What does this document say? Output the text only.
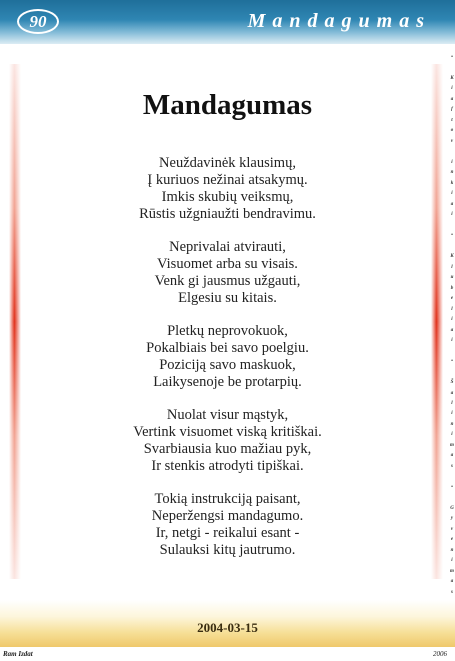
90	Mandagumas
•

K
i
a
f
t
o
v

i
n
k
i
a
i

•

K
l
u
b
e
l
i
a
i

•

Š
a
l
i
n
i
m
a
s

•

G
y
v
e
n
i
m
a
s
Mandagumas
Neuždavinėk klausimų,
Į kuriuos nežinai atsakymų.
Imkis skubių veiksmų,
Rūstis užgniaužti bendravimu.
Neprivalai atvirauti,
Visuomet arba su visais.
Venk gi jausmus užgauti,
Elgesiu su kitais.
Pletkų neprovokuok,
Pokalbiais bei savo poelgiu.
Poziciją savo maskuok,
Laikysenoje be protarpių.
Nuolat visur mąstyk,
Vertink visuomet viską kritiškai.
Svarbiausia kuo mažiau pyk,
Ir stenkis atrodyti tipiškai.
Tokią instrukciją paisant,
Neperžengsi mandagumo.
Ir, netgi - reikalui esant -
Sulauksi kitų jautrumo.
2004-03-15
Ram Izdat	2006
